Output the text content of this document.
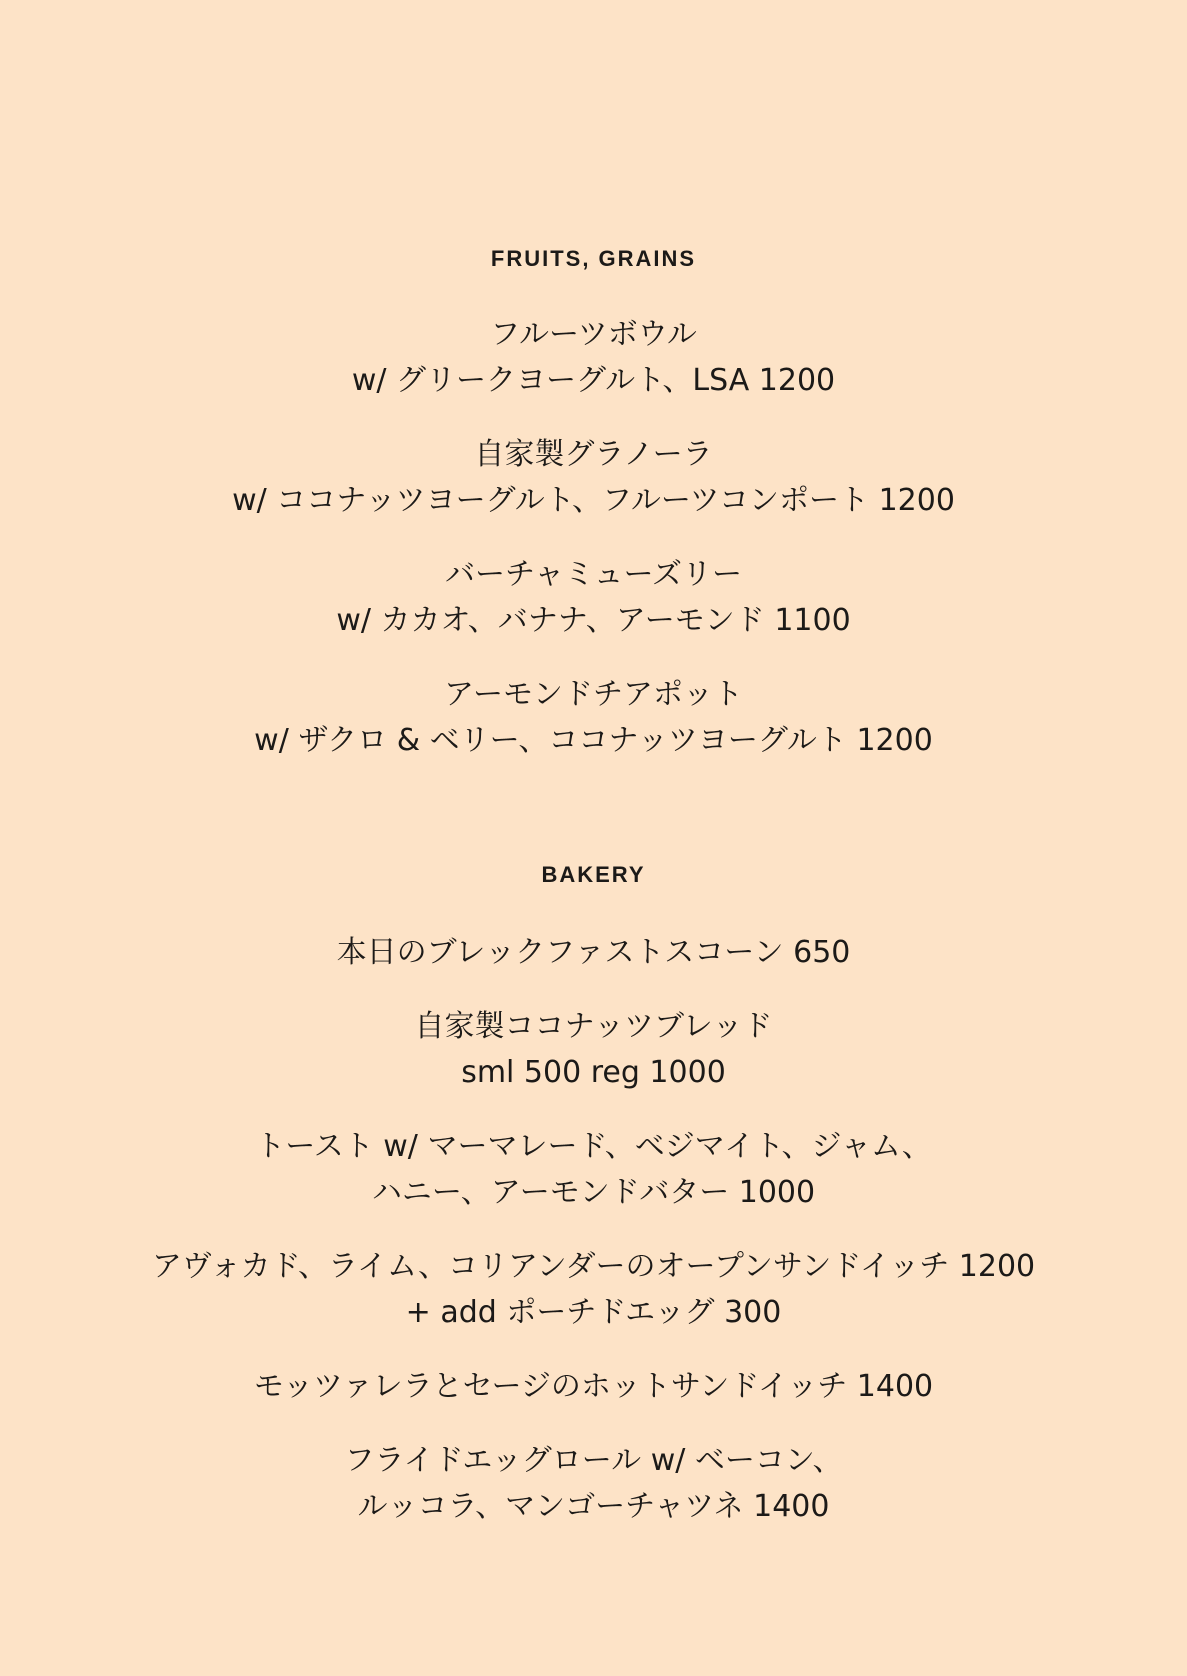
FRUITS, GRAINS
フルーツボウル
w/ グリークヨーグルト、LSA 1200
自家製グラノーラ
w/ ココナッツヨーグルト、フルーツコンポート 1200
バーチャミューズリー
w/ カカオ、バナナ、アーモンド 1100
アーモンドチアポット
w/ ザクロ & ベリー、ココナッツヨーグルト 1200
BAKERY
本日のブレックファストスコーン 650
自家製ココナッツブレッド
sml 500 reg 1000
トースト w/ マーマレード、ベジマイト、ジャム、
ハニー、アーモンドバター 1000
アヴォカド、ライム、コリアンダーのオープンサンドイッチ 1200
+ add ポーチドエッグ 300
モッツァレラとセージのホットサンドイッチ 1400
フライドエッグロール w/ ベーコン、
ルッコラ、マンゴーチャツネ 1400
